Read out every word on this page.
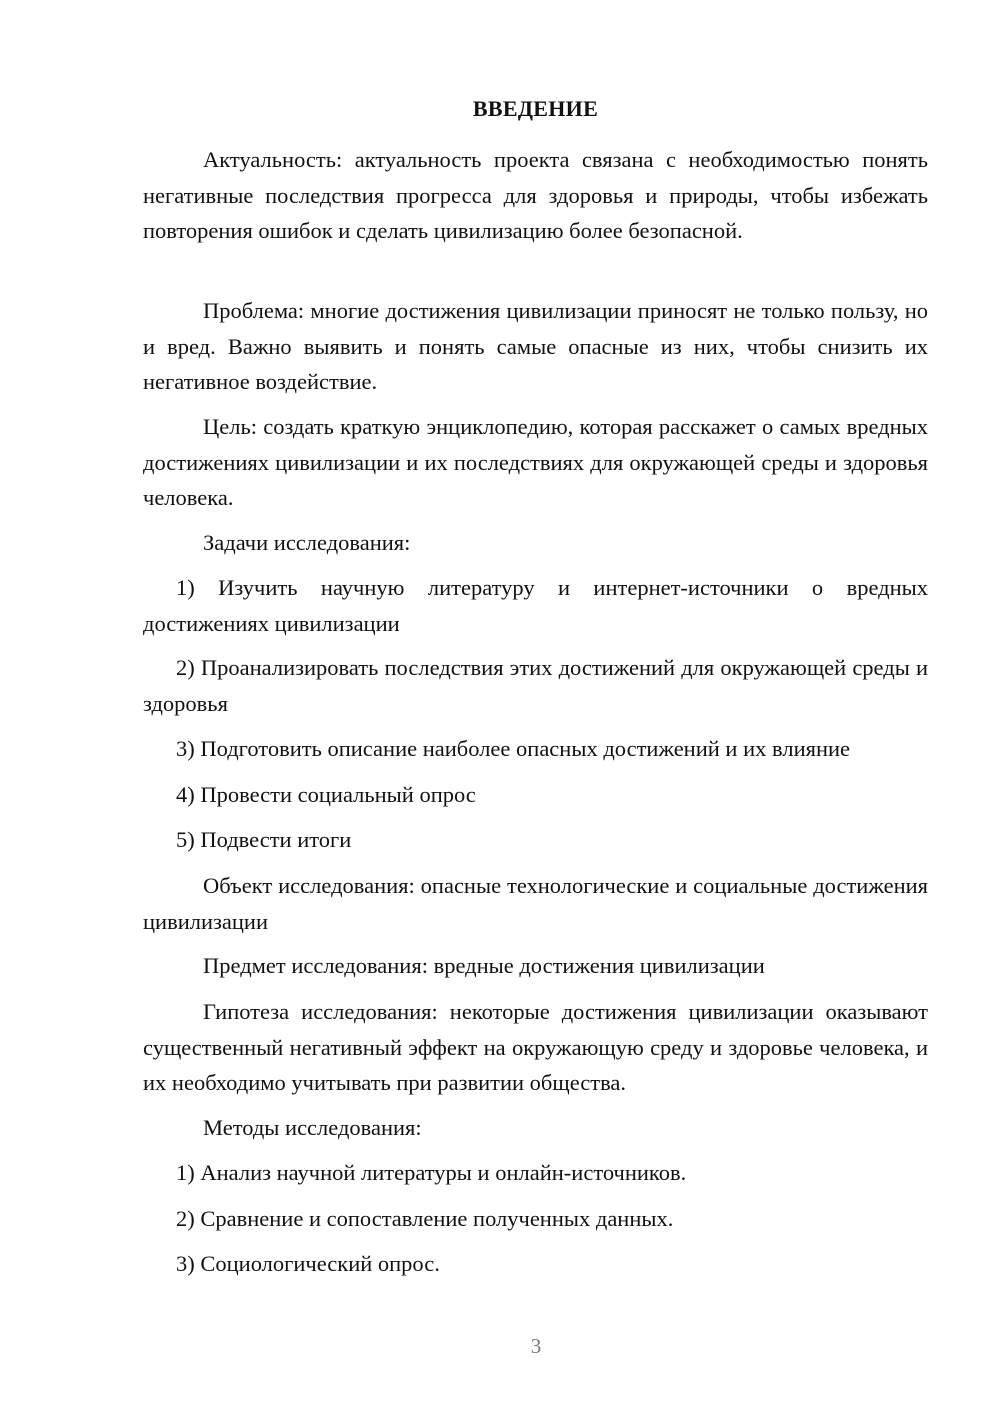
ВВЕДЕНИЕ

Актуальность: актуальность проекта связана с необходимостью понять негативные последствия прогресса для здоровья и природы, чтобы избежать повторения ошибок и сделать цивилизацию более безопасной.

Проблема: многие достижения цивилизации приносят не только пользу, но и вред. Важно выявить и понять самые опасные из них, чтобы снизить их негативное воздействие.

Цель: создать краткую энциклопедию, которая расскажет о самых вредных достижениях цивилизации и их последствиях для окружающей среды и здоровья человека.

Задачи исследования:

1) Изучить научную литературу и интернет-источники о вредных достижениях цивилизации

2) Проанализировать последствия этих достижений для окружающей среды и здоровья

3) Подготовить описание наиболее опасных достижений и их влияние

4) Провести социальный опрос

5) Подвести итоги

Объект исследования: опасные технологические и социальные достижения цивилизации

Предмет исследования: вредные достижения цивилизации

Гипотеза исследования: некоторые достижения цивилизации оказывают существенный негативный эффект на окружающую среду и здоровье человека, и их необходимо учитывать при развитии общества.

Методы исследования:

1) Анализ научной литературы и онлайн-источников.

2) Сравнение и сопоставление полученных данных.

3) Социологический опрос.

3
